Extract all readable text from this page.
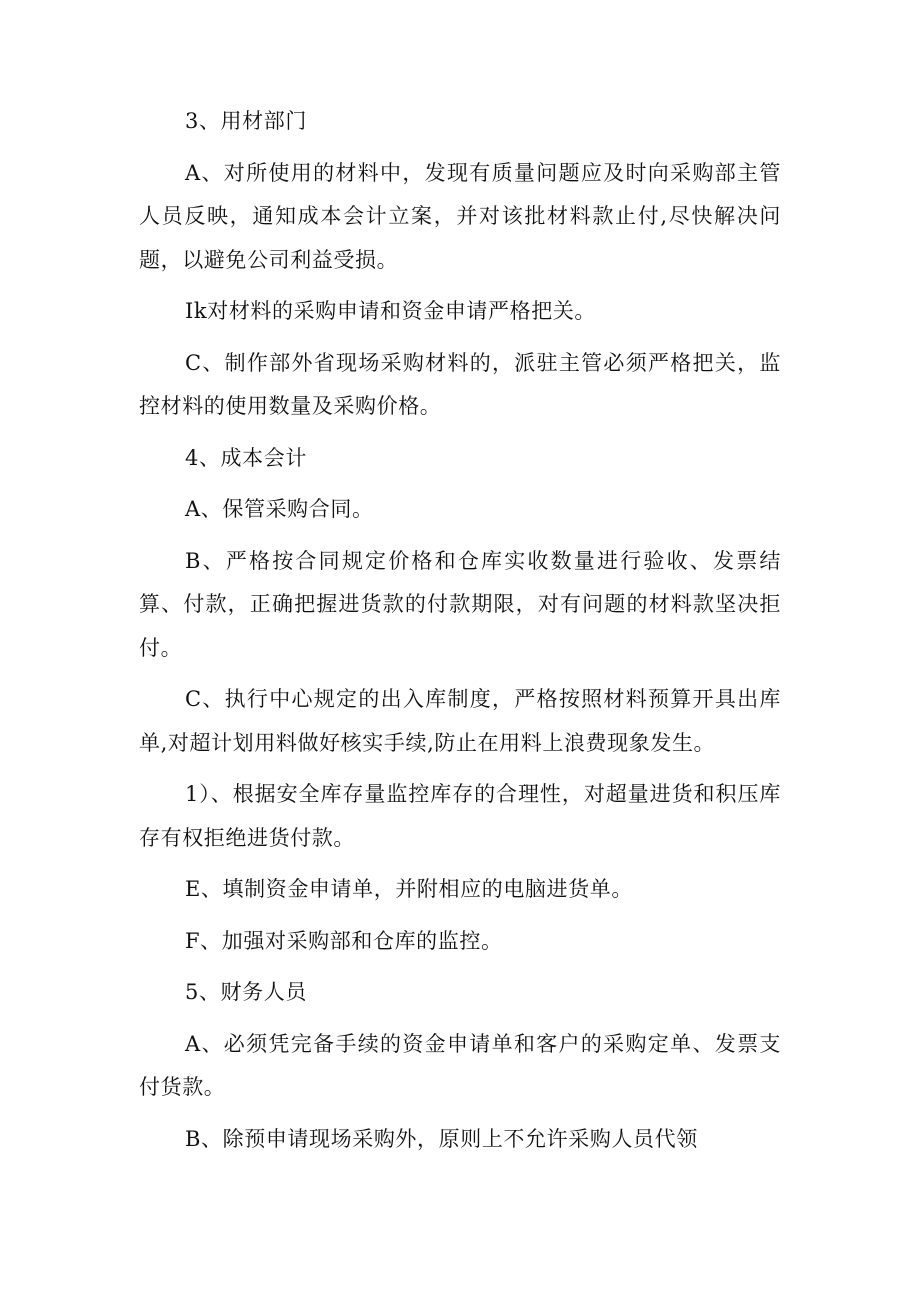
3、用材部门

A、对所使用的材料中，发现有质量问题应及时向采购部主管人员反映，通知成本会计立案，并对该批材料款止付,尽快解决问题，以避免公司利益受损。

Ik对材料的采购申请和资金申请严格把关。

C、制作部外省现场采购材料的，派驻主管必须严格把关，监控材料的使用数量及采购价格。

4、成本会计

A、保管采购合同。

B、严格按合同规定价格和仓库实收数量进行验收、发票结算、付款，正确把握进货款的付款期限，对有问题的材料款坚决拒付。

C、执行中心规定的出入库制度，严格按照材料预算开具出库单,对超计划用料做好核实手续,防止在用料上浪费现象发生。

1）、根据安全库存量监控库存的合理性，对超量进货和积压库存有权拒绝进货付款。

E、填制资金申请单，并附相应的电脑进货单。

F、加强对采购部和仓库的监控。

5、财务人员

A、必须凭完备手续的资金申请单和客户的采购定单、发票支付货款。

B、除预申请现场采购外，原则上不允许采购人员代领
